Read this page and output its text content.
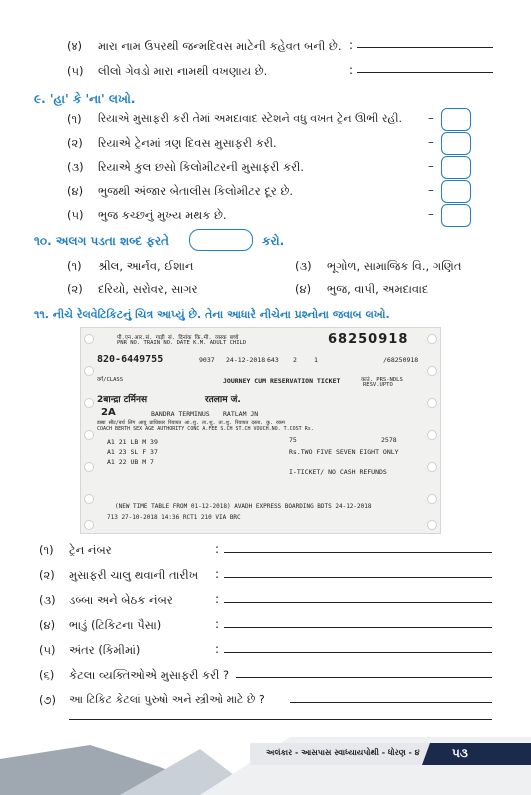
(४) મારા નામ ઉપરથી જન્મદિવસ માટેની કહેવત બની છે. :
(૫) લીલો ગેવડો મારા નામથી વખણાય છે.	:
૯. 'હા' કે 'ના' લખો.
(૧) રિયાએ મુસાફરી કરી તેમાં અમદાવાદ સ્ટેશને વધુ વખત ટ્રેન ઊભી રહી. –
(૨) રિયાએ ટ્રેનમાં ત્રણ દિવસ મુસાફરી કરી.	–
(૩) રિયાએ કુલ છસો કિલોમીટરની મુસાફરી કરી.	–
(૪) ભુજથી અંજાર બેતાલીસ કિલોમીટર દૂર છે.	–
(૫) ભુજ કચ્છનું મુખ્ય મથક છે.	–
૧૦. અલગ પડતા શબ્દ ફરતે	કરો.
(૧) શ્રીલ, આર્નવ, ઈશાન	(૩) ભૂગોળ, સામાજિક વિ., ગણિત
(૨) દરિયો, સરોવર, સાગર	(૪) ભુજ, વાપી, અમદાવાદ
૧૧. નીચે રેલવેટિકિટનું ચિત્ર આપ્યું છે. તેના આધારે નીચેના પ્રશ્નોના જવાબ લખો.
पी.एन.आर.सं. गाड़ी सं. दिनांक कि.मी. व्यस्क बच्चे
PNR NO. TRAIN NO. DATE K.M. ADULT CHILD	68250918
820-6449755	9037 24-12-2018 643 2	1	/68250918
वर्ग/CLASS	JOURNEY CUM RESERVATION TICKET	काउं. PRS-NDLS
RESV.UPTO
2बान्द्रा टर्मिनस	रतलाम जं.
2A	BANDRA TERMINUS RATLAM JN
डब्बा सीट/बर्थ लिंग आयु प्राधिकार रियायत आ.शु. ता.शु. ता.शु. रियायत दस्ता. कु. रकम
COACH BERTH SEX AGE AUTHORITY CONC A.FEE S.CH ST.CH VOUCH.NO. T.COST Rs.
A1 21 LB M 39
A1 23 SL F 37
A1 22 UB M 7
75	2578
Rs.TWO FIVE SEVEN EIGHT ONLY
I-TICKET/ NO CASH REFUNDS
(NEW TIME TABLE FROM 01-12-2018) AVADH EXPRESS BOARDING BDTS 24-12-2018
713 27-10-2018 14:36 RCT1 210 VIA BRC
(૧) ટ્રેન નંબર	:
(૨) મુસાફરી ચાલુ થવાની તારીખ :
(૩) ડબ્બા અને બેઠક નંબર	:
(૪) ભાડું (ટિકિટના પૈસા)	:
(૫) અંતર (કિમીમાં)	:
(૬) કેટલા વ્યક્તિઓએ મુસાફરી કરી ?
(૭) આ ટિકિટ કેટલાં પુરુષો અને સ્ત્રીઓ માટે છે ?
અલંકાર - આસપાસ સ્વાધ્યાયપોથી - ધોરણ - ૪	૫૩
